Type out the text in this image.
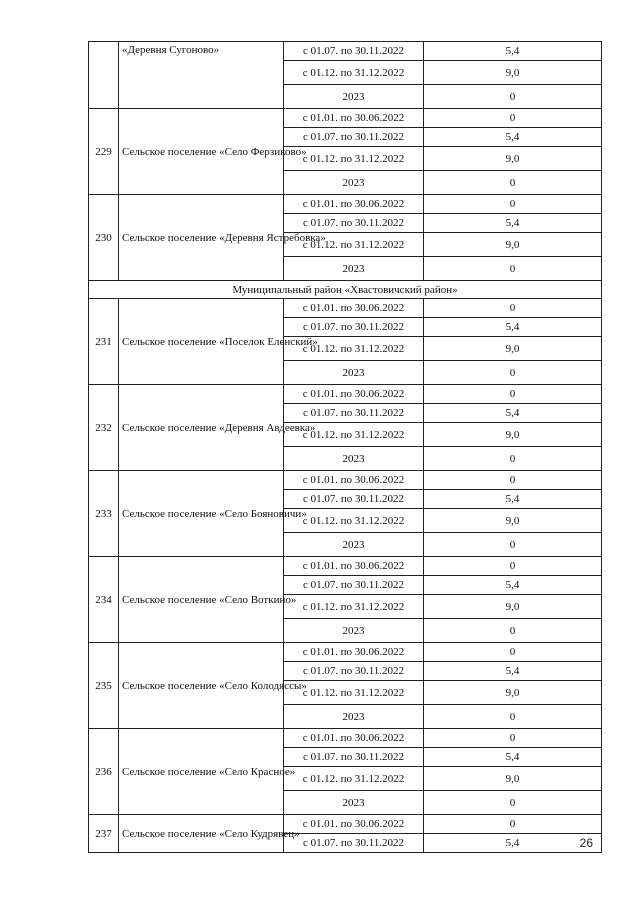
	«Деревня Сугоново»	с 01.07. по 30.11.2022	5,4
		с 01.12. по 31.12.2022	9,0
		2023	0
229	Сельское поселение «Село Ферзиково»	с 01.01. по 30.06.2022	0
		с 01.07. по 30.11.2022	5,4
		с 01.12. по 31.12.2022	9,0
		2023	0
230	Сельское поселение «Деревня Ястребовка»	с 01.01. по 30.06.2022	0
		с 01.07. по 30.11.2022	5,4
		с 01.12. по 31.12.2022	9,0
		2023	0
Муниципальный район «Хвастовичский район»			
231	Сельское поселение «Поселок Еленский»	с 01.01. по 30.06.2022	0
		с 01.07. по 30.11.2022	5,4
		с 01.12. по 31.12.2022	9,0
		2023	0
232	Сельское поселение «Деревня Авдеевка»	с 01.01. по 30.06.2022	0
		с 01.07. по 30.11.2022	5,4
		с 01.12. по 31.12.2022	9,0
		2023	0
233	Сельское поселение «Село Бояновичи»	с 01.01. по 30.06.2022	0
		с 01.07. по 30.11.2022	5,4
		с 01.12. по 31.12.2022	9,0
		2023	0
234	Сельское поселение «Село Воткино»	с 01.01. по 30.06.2022	0
		с 01.07. по 30.11.2022	5,4
		с 01.12. по 31.12.2022	9,0
		2023	0
235	Сельское поселение «Село Колодяссы»	с 01.01. по 30.06.2022	0
		с 01.07. по 30.11.2022	5,4
		с 01.12. по 31.12.2022	9,0
		2023	0
236	Сельское поселение «Село Красное»	с 01.01. по 30.06.2022	0
		с 01.07. по 30.11.2022	5,4
		с 01.12. по 31.12.2022	9,0
		2023	0
237	Сельское поселение «Село Кудрявец»	с 01.01. по 30.06.2022	0
		с 01.07. по 30.11.2022	5,4	26
